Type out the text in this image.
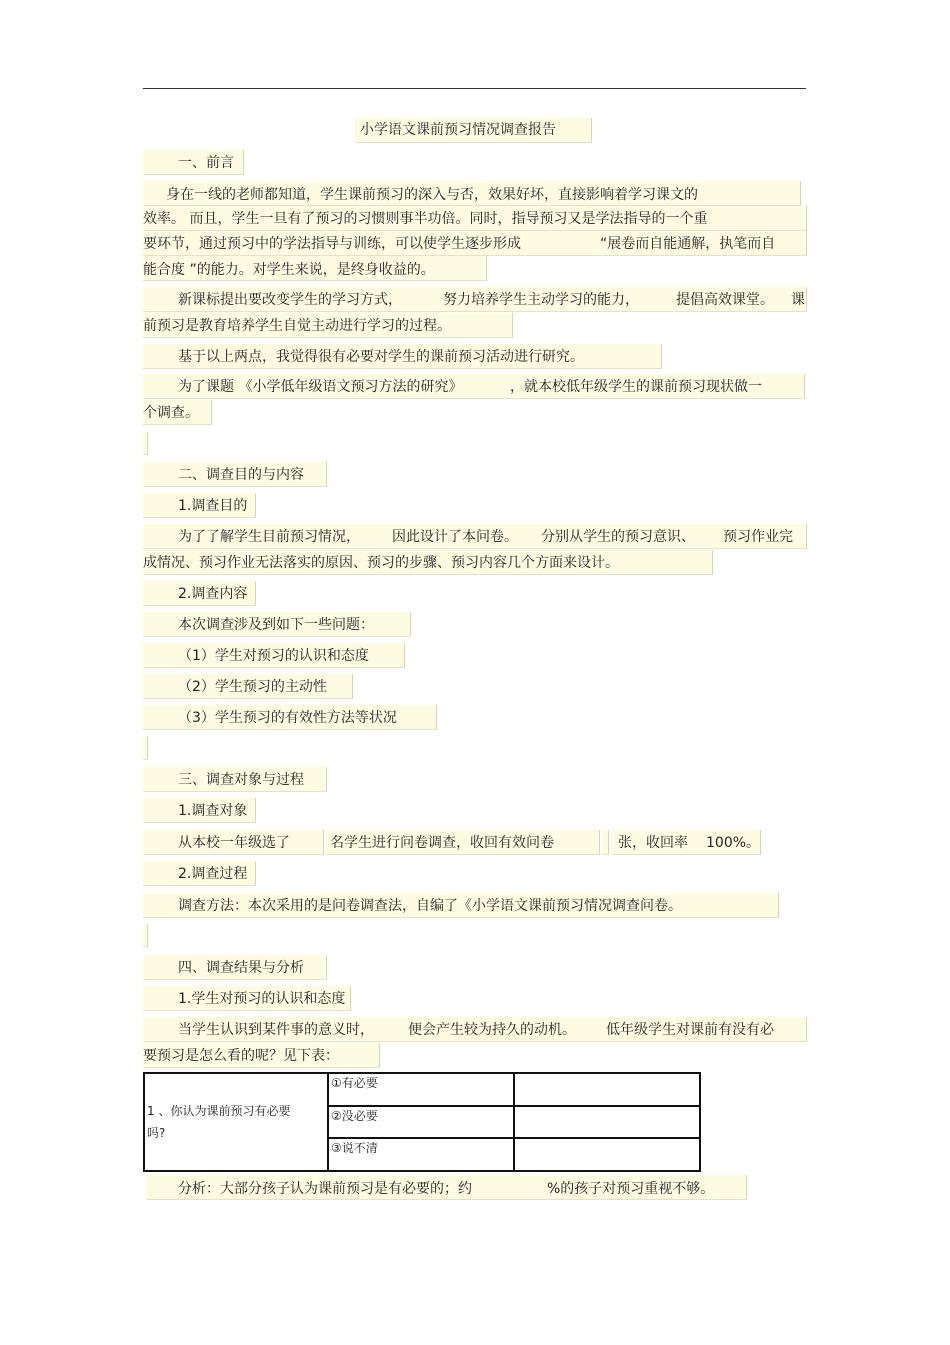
小学语文课前预习情况调查报告
一、前言
身在一线的老师都知道，学生课前预习的深入与否，效果好坏，直接影响着学习课文的
效率。 而且，学生一旦有了预习的习惯则事半功倍。同时，指导预习又是学法指导的一个重
要环节，通过预习中的学法指导与训练，可以使学生逐步形成	“展卷而自能通解，执笔而自
能合度 ”的能力。对学生来说，是终身收益的。
新课标提出要改变学生的学习方式，	努力培养学生主动学习的能力，	提倡高效课堂。 课
前预习是教育培养学生自觉主动进行学习的过程。
基于以上两点，我觉得很有必要对学生的课前预习活动进行研究。
为了课题 《小学低年级语文预习方法的研究》	，就本校低年级学生的课前预习现状做一
个调查。
二、调查目的与内容
1.调查目的
为了了解学生目前预习情况， 因此设计了本问卷。 分别从学生的预习意识、 预习作业完
成情况、预习作业无法落实的原因、预习的步骤、预习内容几个方面来设计。
2.调查内容
本次调查涉及到如下一些问题：
（1）学生对预习的认识和态度
（2）学生预习的主动性
（3）学生预习的有效性方法等状况
三、调查对象与过程
1.调查对象
从本校一年级选了	名学生进行问卷调查，收回有效问卷	张，收回率 100%。
2.调查过程
调查方法：本次采用的是问卷调查法，自编了《小学语文课前预习情况调查问卷。
四、调查结果与分析
1.学生对预习的认识和态度
当学生认识到某件事的意义时， 便会产生较为持久的动机。 低年级学生对课前有没有必
要预习是怎么看的呢？见下表：
1 、你认为课前预习有必要
吗?	①有必要	
	②没必要	
	③说不清	
分析：大部分孩子认为课前预习是有必要的；约	%的孩子对预习重视不够。
